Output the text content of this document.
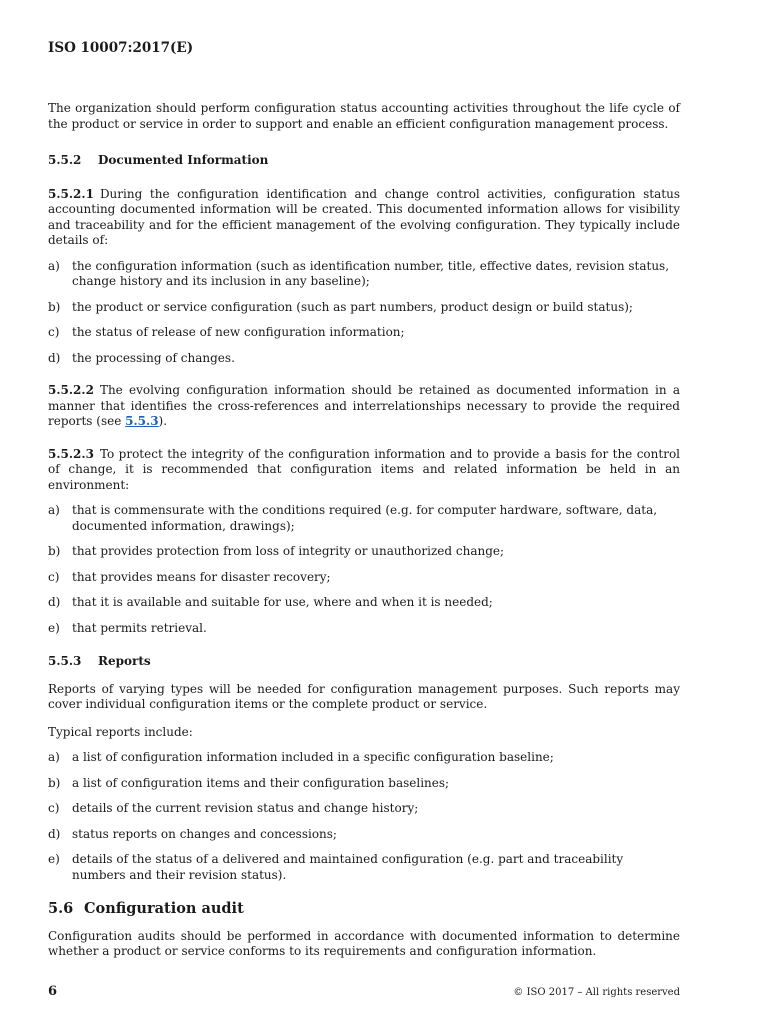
ISO 10007:2017(E)

The organization should perform configuration status accounting activities throughout the life cycle of the product or service in order to support and enable an efficient configuration management process.

5.5.2 Documented Information

5.5.2.1 During the configuration identification and change control activities, configuration status accounting documented information will be created. This documented information allows for visibility and traceability and for the efficient management of the evolving configuration. They typically include details of:

a)	the configuration information (such as identification number, title, effective dates, revision status, change history and its inclusion in any baseline);
b) the product or service configuration (such as part numbers, product design or build status);
c)	the status of release of new configuration information;
d) the processing of changes.

5.5.2.2 The evolving configuration information should be retained as documented information in a manner that identifies the cross-references and interrelationships necessary to provide the required reports (see 5.5.3).

5.5.2.3 To protect the integrity of the configuration information and to provide a basis for the control of change, it is recommended that configuration items and related information be held in an environment:

a)	that is commensurate with the conditions required (e.g. for computer hardware, software, data, documented information, drawings);
b) that provides protection from loss of integrity or unauthorized change;
c)	that provides means for disaster recovery;
d) that it is available and suitable for use, where and when it is needed;
e)	that permits retrieval.
5.5.3 Reports

Reports of varying types will be needed for configuration management purposes. Such reports may cover individual configuration items or the complete product or service.

Typical reports include:

a)	a list of configuration information included in a specific configuration baseline;
b) a list of configuration items and their configuration baselines;
c)	details of the current revision status and change history;
d) status reports on changes and concessions;
e)	details of the status of a delivered and maintained configuration (e.g. part and traceability numbers and their revision status).
5.6 Configuration audit

Configuration audits should be performed in accordance with documented information to determine whether a product or service conforms to its requirements and configuration information.

6	© ISO 2017 – All rights reserved
